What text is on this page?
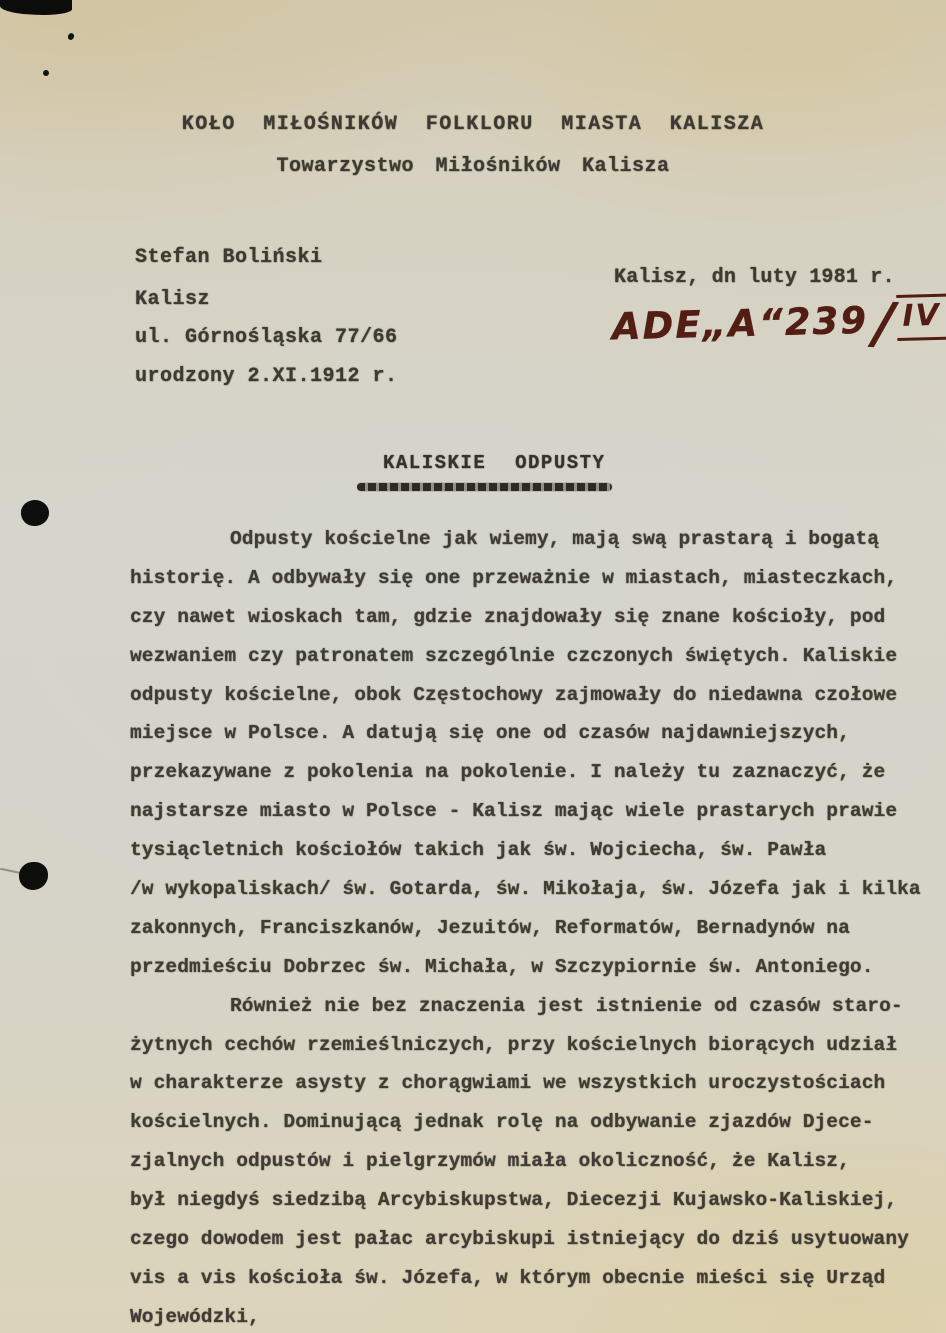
KOŁO MIŁOŚNIKÓW FOLKLORU MIASTA KALISZA
Towarzystwo Miłośników Kalisza
Stefan Boliński
Kalisz
ul. Górnośląska 77/66
urodzony 2.XI.1912 r.
Kalisz, dn luty 1981 r.
ADE„A“239/ IV
KALISKIE ODPUSTY
Odpusty kościelne jak wiemy, mają swą prastarą i bogatą
historię. A odbywały się one przeważnie w miastach, miasteczkach,
czy nawet wioskach tam, gdzie znajdowały się znane kościoły, pod
wezwaniem czy patronatem szczególnie czczonych świętych. Kaliskie
odpusty kościelne, obok Częstochowy zajmowały do niedawna czołowe
miejsce w Polsce. A datują się one od czasów najdawniejszych,
przekazywane z pokolenia na pokolenie. I należy tu zaznaczyć, że
najstarsze miasto w Polsce - Kalisz mając wiele prastarych prawie
tysiącletnich kościołów takich jak św. Wojciecha, św. Pawła
/w wykopaliskach/ św. Gotarda, św. Mikołaja, św. Józefa jak i kilka
zakonnych, Franciszkanów, Jezuitów, Reformatów, Bernadynów na
przedmieściu Dobrzec św. Michała, w Szczypiornie św. Antoniego.
Również nie bez znaczenia jest istnienie od czasów staro-
żytnych cechów rzemieślniczych, przy kościelnych biorących udział
w charakterze asysty z chorągwiami we wszystkich uroczystościach
kościelnych. Dominującą jednak rolę na odbywanie zjazdów Djece-
zjalnych odpustów i pielgrzymów miała okoliczność, że Kalisz,
był niegdyś siedzibą Arcybiskupstwa, Diecezji Kujawsko-Kaliskiej,
czego dowodem jest pałac arcybiskupi istniejący do dziś usytuowany
vis a vis kościoła św. Józefa, w którym obecnie mieści się Urząd
Wojewódzki,
